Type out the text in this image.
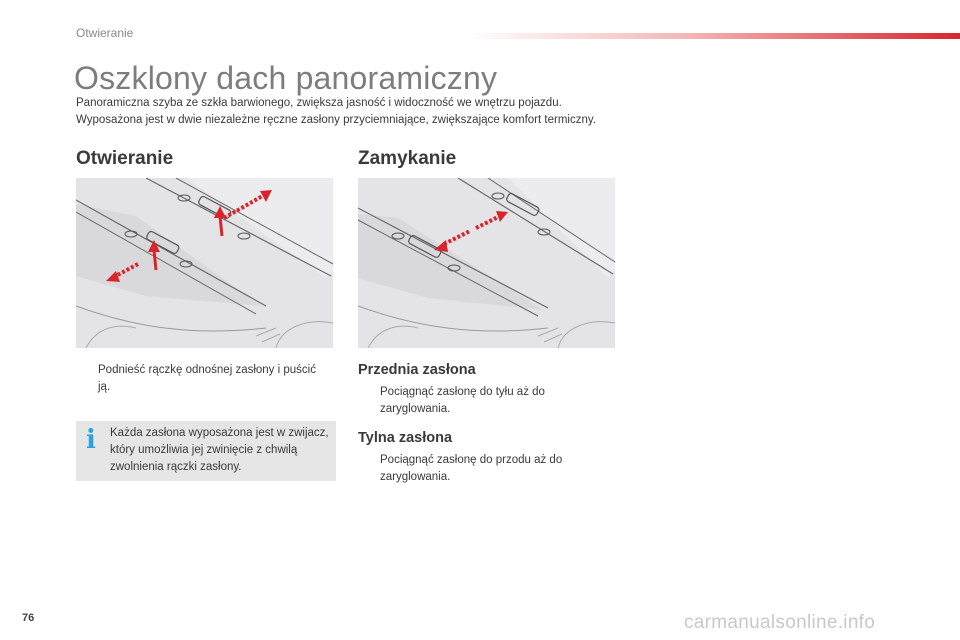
Otwieranie
Oszklony dach panoramiczny

Panoramiczna szyba ze szkła barwionego, zwiększa jasność i widoczność we wnętrzu pojazdu. Wyposażona jest w dwie niezależne ręczne zasłony przyciemniające, zwiększające komfort termiczny.

Otwieranie	Zamykanie
Podnieść rączkę odnośnej zasłony i puścić ją.
i Każda zasłona wyposażona jest w zwijacz, który umożliwia jej zwinięcie z chwilą zwolnienia rączki zasłony.
Przednia zasłona
Pociągnąć zasłonę do tyłu aż do zaryglowania.
Tylna zasłona
Pociągnąć zasłonę do przodu aż do zaryglowania.
76	carmanualsonline.info
